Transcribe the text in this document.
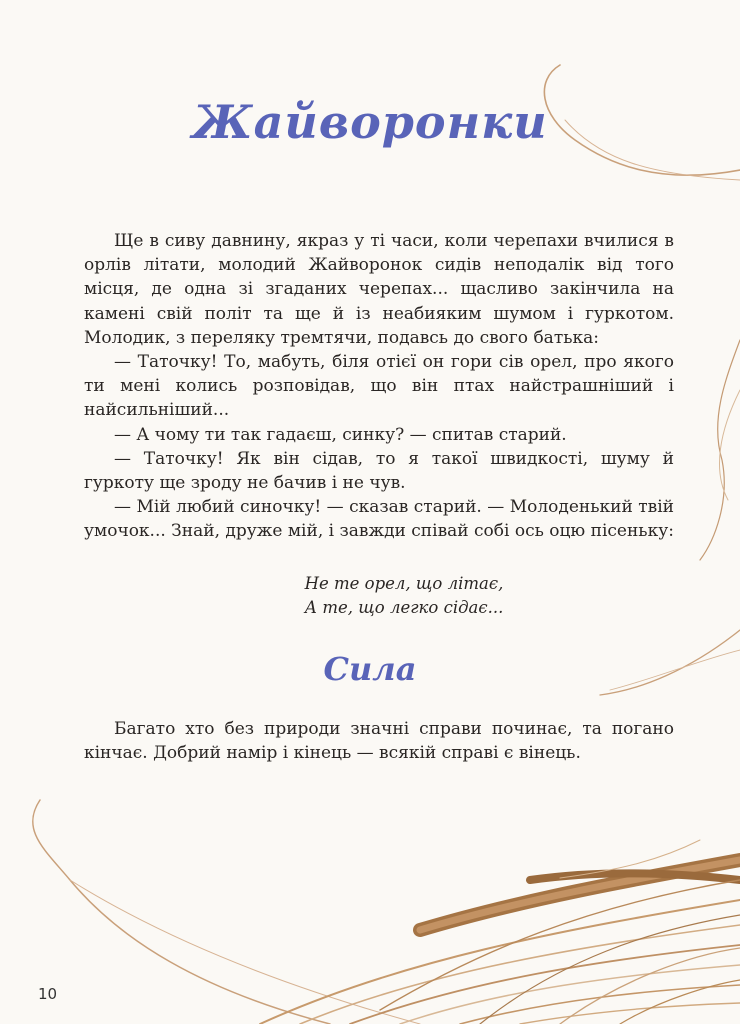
Жайворонки

Ще в сиву давнину, якраз у ті часи, коли черепахи вчилися в орлів літати, молодий Жайворонок сидів неподалік від того місця, де одна зі згаданих черепах... щасливо закінчила на камені свій політ та ще й із неабияким шумом і гуркотом. Молодик, з переляку тремтячи, подавсь до свого батька:

— Таточку! То, мабуть, біля отієї он гори сів орел, про якого ти мені колись розповідав, що він птах найстрашніший і найсильніший...

— А чому ти так гадаєш, синку? — спитав старий.

— Таточку! Як він сідав, то я такої швидкості, шуму й гуркоту ще зроду не бачив і не чув.

— Мій любий синочку! — сказав старий. — Молоденький твій умочок... Знай, друже мій, і завжди співай собі ось оцю пісеньку:

Не те орел, що літає,
А те, що легко сідає...
Сила

Багато хто без природи значні справи починає, та погано кінчає. Добрий намір і кінець — всякій справі є вінець.

10
